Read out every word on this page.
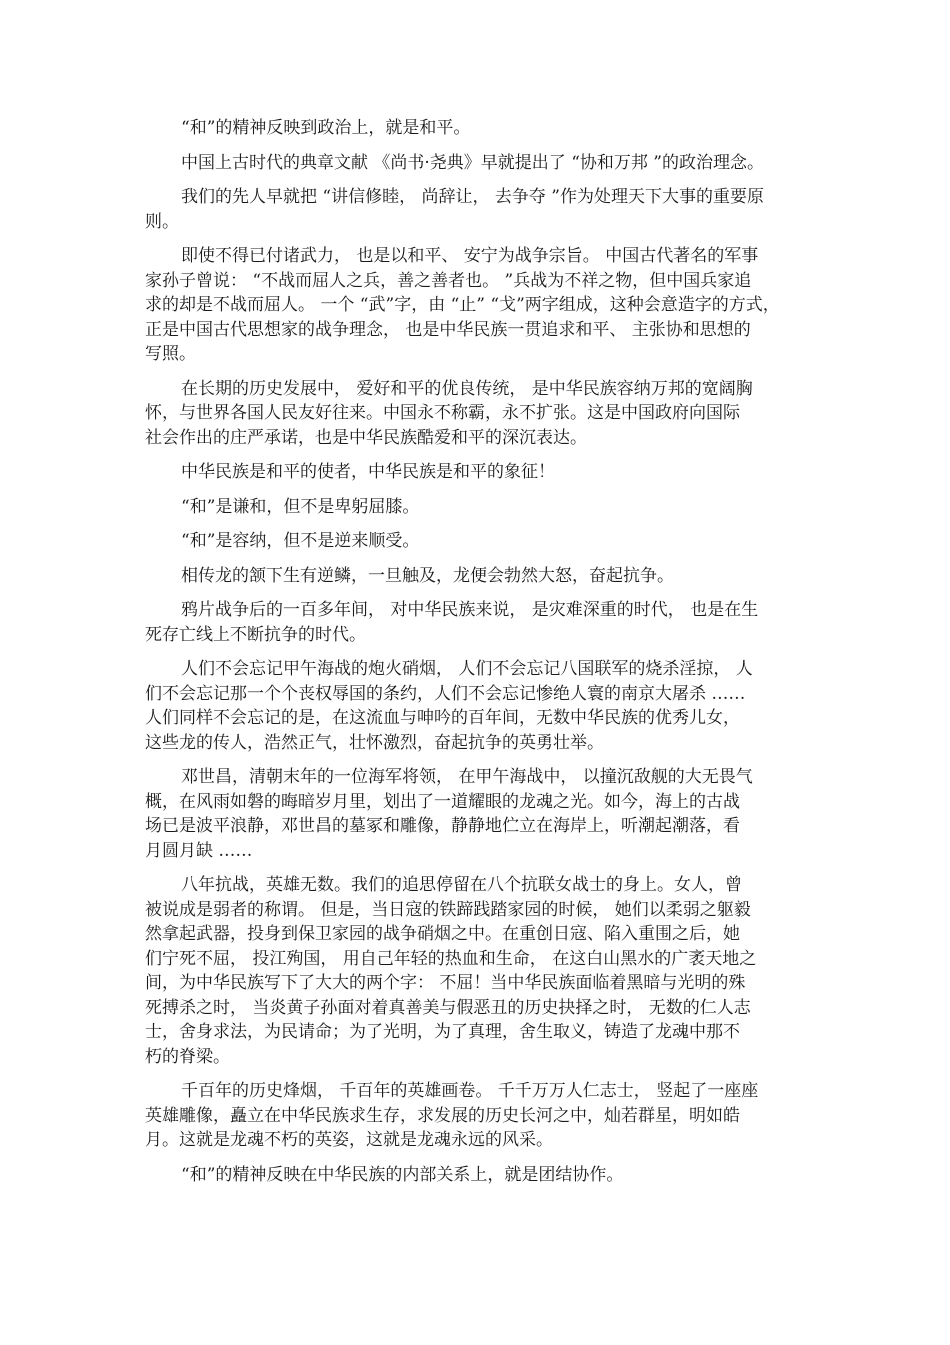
“和”的精神反映到政治上，就是和平。
中国上古时代的典章文献 《尚书·尧典》早就提出了 “协和万邦 ”的政治理念。
我们的先人早就把 “讲信修睦， 尚辞让， 去争夺 ”作为处理天下大事的重要原
则。
即使不得已付诸武力， 也是以和平、 安宁为战争宗旨。 中国古代著名的军事
家孙子曾说： “不战而屈人之兵，善之善者也。 ”兵战为不祥之物，但中国兵家追
求的却是不战而屈人。 一个 “武”字，由 “止” “戈”两字组成，这种会意造字的方式，
正是中国古代思想家的战争理念， 也是中华民族一贯追求和平、 主张协和思想的
写照。
在长期的历史发展中， 爱好和平的优良传统， 是中华民族容纳万邦的宽阔胸
怀，与世界各国人民友好往来。中国永不称霸，永不扩张。这是中国政府向国际
社会作出的庄严承诺，也是中华民族酷爱和平的深沉表达。
中华民族是和平的使者，中华民族是和平的象征！
“和”是谦和，但不是卑躬屈膝。
“和”是容纳，但不是逆来顺受。
相传龙的颔下生有逆鳞，一旦触及，龙便会勃然大怒，奋起抗争。
鸦片战争后的一百多年间， 对中华民族来说， 是灾难深重的时代， 也是在生
死存亡线上不断抗争的时代。
人们不会忘记甲午海战的炮火硝烟， 人们不会忘记八国联军的烧杀淫掠， 人
们不会忘记那一个个丧权辱国的条约，人们不会忘记惨绝人寰的南京大屠杀 ……
人们同样不会忘记的是，在这流血与呻吟的百年间，无数中华民族的优秀儿女，
这些龙的传人，浩然正气，壮怀激烈，奋起抗争的英勇壮举。
邓世昌，清朝末年的一位海军将领， 在甲午海战中， 以撞沉敌舰的大无畏气
概，在风雨如磐的晦暗岁月里，划出了一道耀眼的龙魂之光。如今，海上的古战
场已是波平浪静，邓世昌的墓冢和雕像，静静地伫立在海岸上，听潮起潮落，看
月圆月缺 ……
八年抗战，英雄无数。我们的追思停留在八个抗联女战士的身上。女人，曾
被说成是弱者的称谓。 但是，当日寇的铁蹄践踏家园的时候， 她们以柔弱之躯毅
然拿起武器，投身到保卫家园的战争硝烟之中。在重创日寇、陷入重围之后，她
们宁死不屈， 投江殉国， 用自己年轻的热血和生命， 在这白山黑水的广袤天地之
间，为中华民族写下了大大的两个字： 不屈！当中华民族面临着黑暗与光明的殊
死搏杀之时， 当炎黄子孙面对着真善美与假恶丑的历史抉择之时， 无数的仁人志
士，舍身求法，为民请命；为了光明，为了真理，舍生取义，铸造了龙魂中那不
朽的脊梁。
千百年的历史烽烟， 千百年的英雄画卷。 千千万万人仁志士， 竖起了一座座
英雄雕像，矗立在中华民族求生存，求发展的历史长河之中，灿若群星，明如皓
月。这就是龙魂不朽的英姿，这就是龙魂永远的风采。
“和”的精神反映在中华民族的内部关系上，就是团结协作。
